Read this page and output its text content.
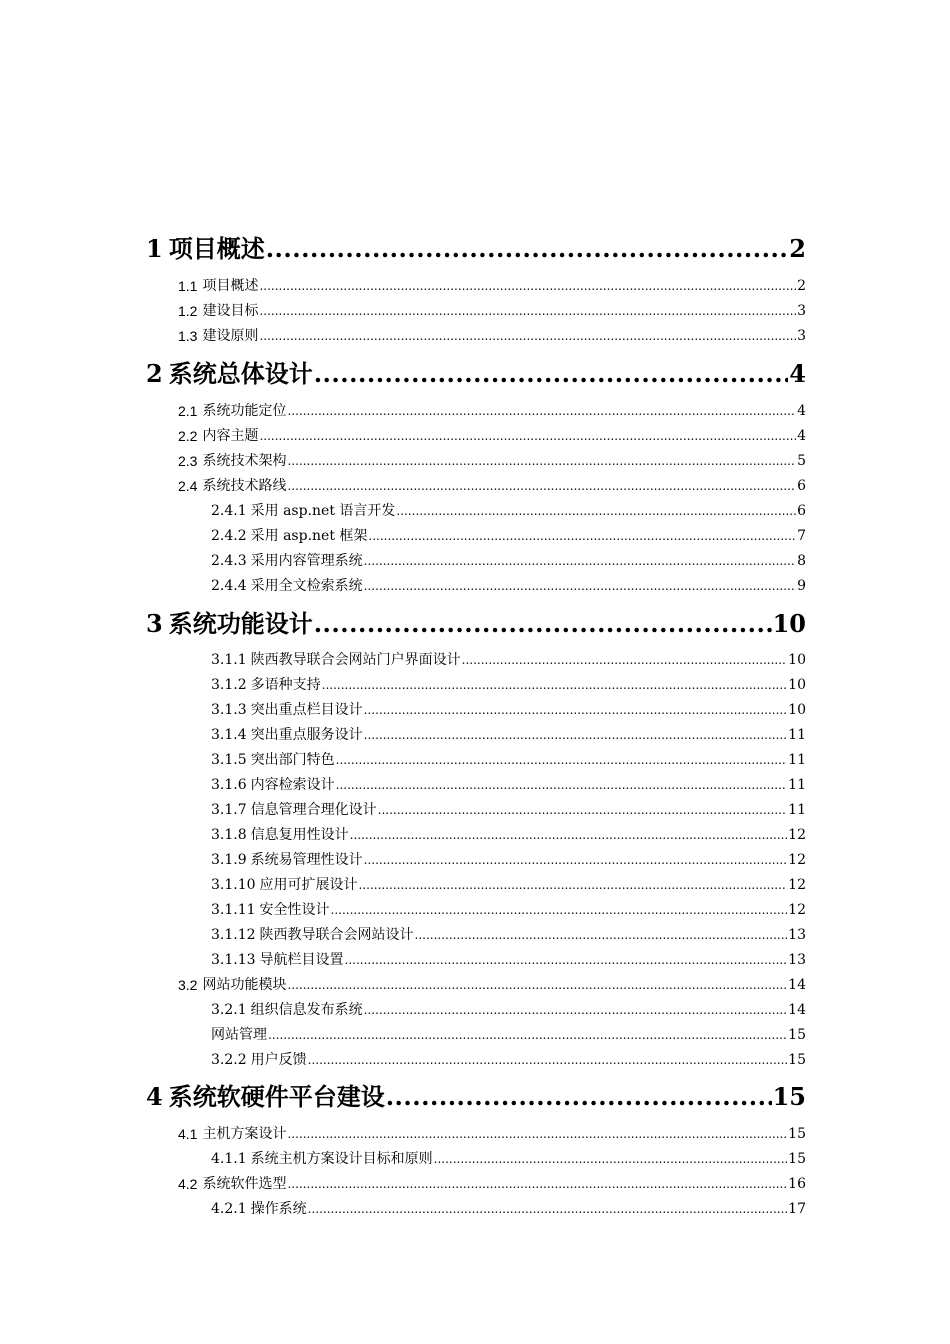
1 项目概述 .....	2
1.1 项目概述 .....	2
1.2 建设目标 .....	3
1.3 建设原则 .....	3
2 系统总体设计 .....	4
2.1 系统功能定位 .....	4
2.2 内容主题 .....	4
2.3 系统技术架构 .....	5
2.4 系统技术路线 .....	6
2.4.1 采用 asp.net 语言开发 .....	6
2.4.2 采用 asp.net 框架 .....	7
2.4.3 采用内容管理系统 .....	8
2.4.4 采用全文检索系统 .....	9
3 系统功能设计 .....	10
3.1.1 陕西教导联合会网站门户界面设计 .....	10
3.1.2 多语种支持 .....	10
3.1.3 突出重点栏目设计 .....	10
3.1.4 突出重点服务设计 .....	11
3.1.5 突出部门特色 .....	11
3.1.6 内容检索设计 .....	11
3.1.7 信息管理合理化设计 .....	11
3.1.8 信息复用性设计 .....	12
3.1.9 系统易管理性设计 .....	12
3.1.10 应用可扩展设计 .....	12
3.1.11 安全性设计 .....	12
3.1.12 陕西教导联合会网站设计 .....	13
3.1.13 导航栏目设置 .....	13
3.2 网站功能模块 .....	14
3.2.1 组织信息发布系统 .....	14
网站管理 .....	15
3.2.2 用户反馈 .....	15
4 系统软硬件平台建设 .....	15
4.1 主机方案设计 .....	15
4.1.1 系统主机方案设计目标和原则 .....	15
4.2 系统软件选型 .....	16
4.2.1 操作系统 .....	17
